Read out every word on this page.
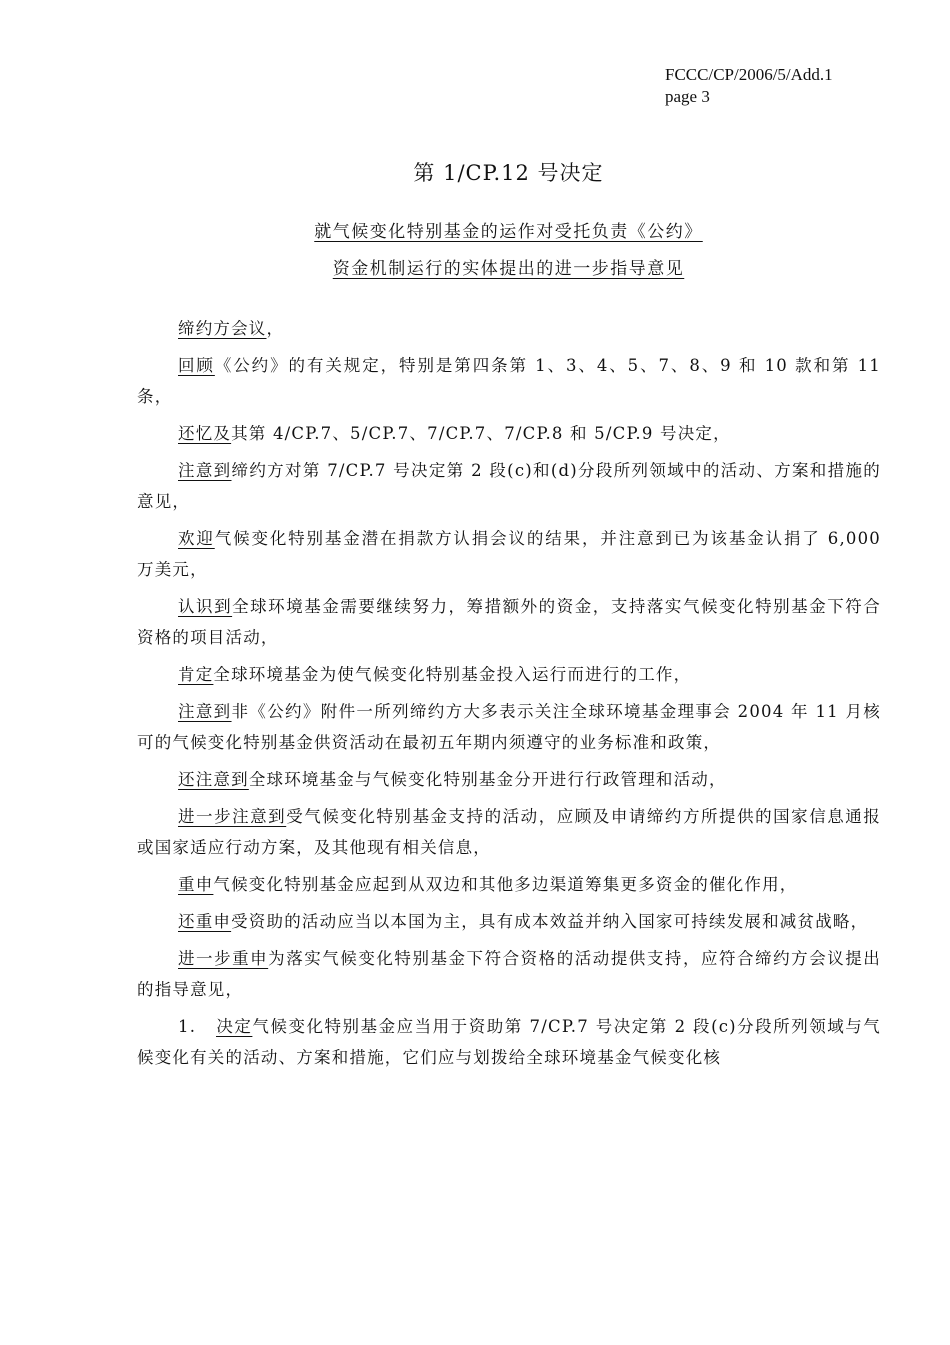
FCCC/CP/2006/5/Add.1
page 3
第 1/CP.12 号决定
就气候变化特别基金的运作对受托负责《公约》
资金机制运行的实体提出的进一步指导意见

缔约方会议，

回顾《公约》的有关规定，特别是第四条第 1、3、4、5、7、8、9 和 10 款和第 11 条，

还忆及其第 4/CP.7、5/CP.7、7/CP.7、7/CP.8 和 5/CP.9 号决定，

注意到缔约方对第 7/CP.7 号决定第 2 段(c)和(d)分段所列领域中的活动、方案和措施的意见，

欢迎气候变化特别基金潜在捐款方认捐会议的结果，并注意到已为该基金认捐了 6,000 万美元，

认识到全球环境基金需要继续努力，筹措额外的资金，支持落实气候变化特别基金下符合资格的项目活动，

肯定全球环境基金为使气候变化特别基金投入运行而进行的工作，

注意到非《公约》附件一所列缔约方大多表示关注全球环境基金理事会 2004 年 11 月核可的气候变化特别基金供资活动在最初五年期内须遵守的业务标准和政策，

还注意到全球环境基金与气候变化特别基金分开进行行政管理和活动，

进一步注意到受气候变化特别基金支持的活动，应顾及申请缔约方所提供的国家信息通报或国家适应行动方案，及其他现有相关信息，

重申气候变化特别基金应起到从双边和其他多边渠道筹集更多资金的催化作用，

还重申受资助的活动应当以本国为主，具有成本效益并纳入国家可持续发展和减贫战略，

进一步重申为落实气候变化特别基金下符合资格的活动提供支持，应符合缔约方会议提出的指导意见，

1. 决定气候变化特别基金应当用于资助第 7/CP.7 号决定第 2 段(c)分段所列领域与气候变化有关的活动、方案和措施，它们应与划拨给全球环境基金气候变化核
